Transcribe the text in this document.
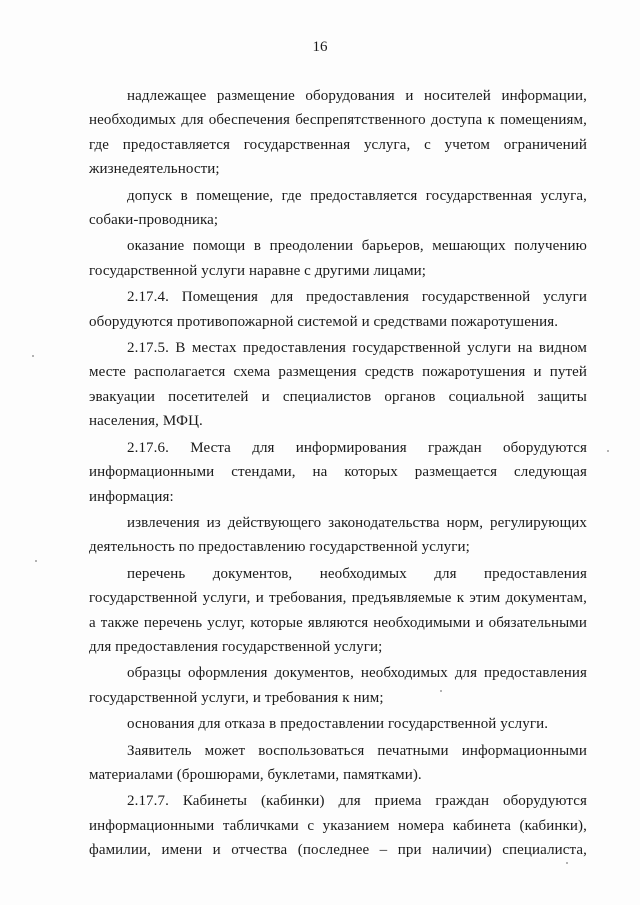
16

надлежащее размещение оборудования и носителей информации, необходимых для обеспечения беспрепятственного доступа к помещениям, где предоставляется государственная услуга, с учетом ограничений жизнедеятельности;

допуск в помещение, где предоставляется государственная услуга, собаки-проводника;

оказание помощи в преодолении барьеров, мешающих получению государственной услуги наравне с другими лицами;

2.17.4. Помещения для предоставления государственной услуги оборудуются противопожарной системой и средствами пожаротушения.

2.17.5. В местах предоставления государственной услуги на видном месте располагается схема размещения средств пожаротушения и путей эвакуации посетителей и специалистов органов социальной защиты населения, МФЦ.

2.17.6. Места для информирования граждан оборудуются информационными стендами, на которых размещается следующая информация:

извлечения из действующего законодательства норм, регулирующих деятельность по предоставлению государственной услуги;

перечень документов, необходимых для предоставления государственной услуги, и требования, предъявляемые к этим документам, а также перечень услуг, которые являются необходимыми и обязательными для предоставления государственной услуги;

образцы оформления документов, необходимых для предоставления государственной услуги, и требования к ним;

основания для отказа в предоставлении государственной услуги.

Заявитель может воспользоваться печатными информационными материалами (брошюрами, буклетами, памятками).

2.17.7. Кабинеты (кабинки) для приема граждан оборудуются информационными табличками с указанием номера кабинета (кабинки), фамилии, имени и отчества (последнее – при наличии) специалиста,
